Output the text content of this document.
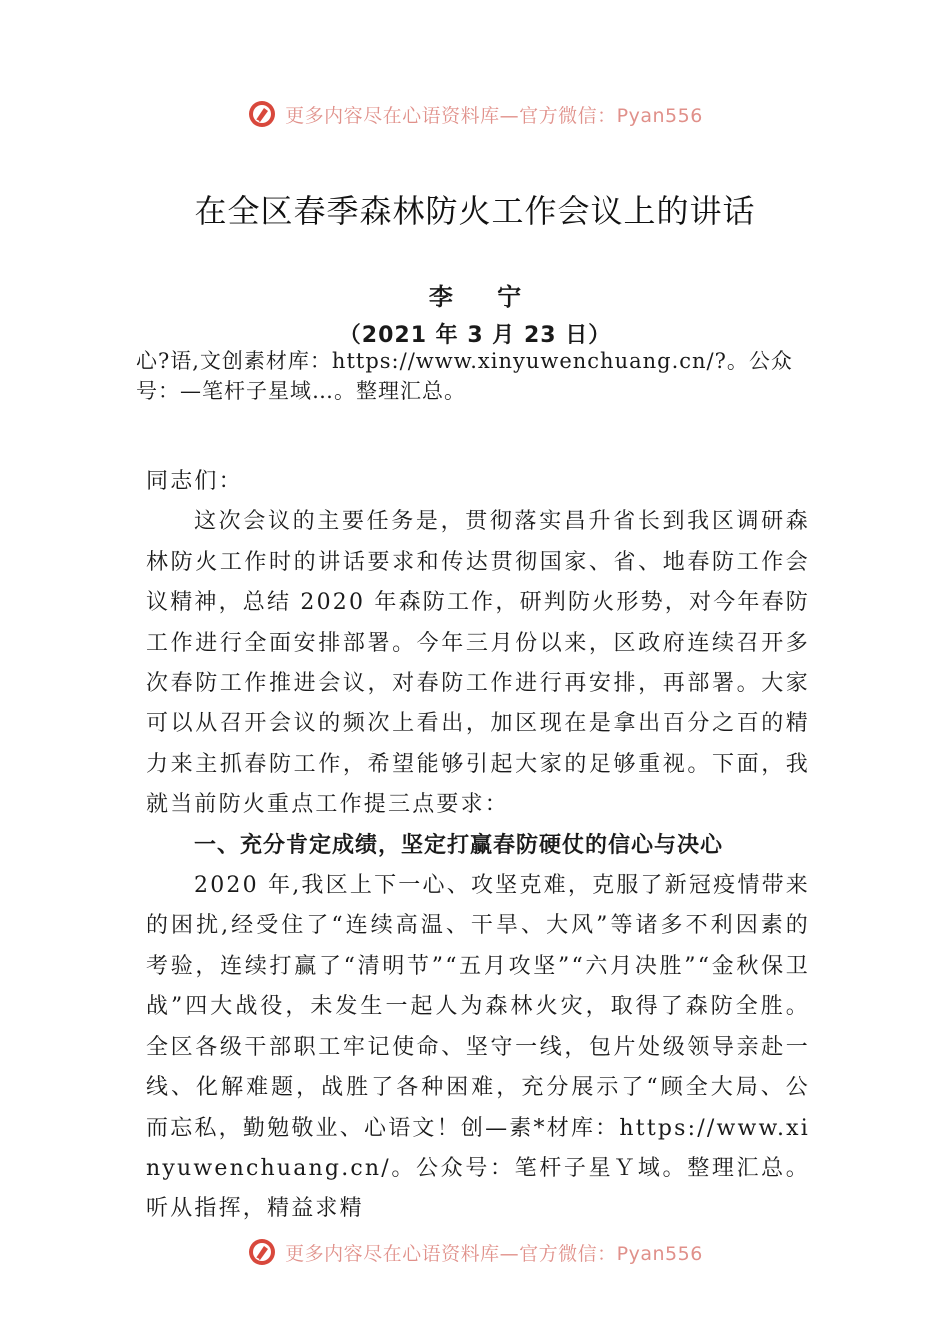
更多内容尽在心语资料库—官方微信：Pyan556
在全区春季森林防火工作会议上的讲话
李 宁
（2021 年 3 月 23 日）
心?语,文创素材库：https://www.xinyuwenchuang.cn/?。公众号：—笔杆子星域…。整理汇总。

同志们：

这次会议的主要任务是，贯彻落实昌升省长到我区调研森林防火工作时的讲话要求和传达贯彻国家、省、地春防工作会议精神，总结 2020 年森防工作，研判防火形势，对今年春防工作进行全面安排部署。今年三月份以来，区政府连续召开多次春防工作推进会议，对春防工作进行再安排，再部署。大家可以从召开会议的频次上看出，加区现在是拿出百分之百的精力来主抓春防工作，希望能够引起大家的足够重视。下面，我就当前防火重点工作提三点要求：

一、充分肯定成绩，坚定打赢春防硬仗的信心与决心

2020 年,我区上下一心、攻坚克难，克服了新冠疫情带来的困扰,经受住了“连续高温、干旱、大风”等诸多不利因素的考验，连续打赢了“清明节”“五月攻坚”“六月决胜”“金秋保卫战”四大战役，未发生一起人为森林火灾，取得了森防全胜。全区各级干部职工牢记使命、坚守一线，包片处级领导亲赴一线、化解难题，战胜了各种困难，充分展示了“顾全大局、公而忘私，勤勉敬业、心语文！创—素*材库：https://www.xinyuwenchuang.cn/。公众号：笔杆子星Ｙ域。整理汇总。听从指挥，精益求精

更多内容尽在心语资料库—官方微信：Pyan556
